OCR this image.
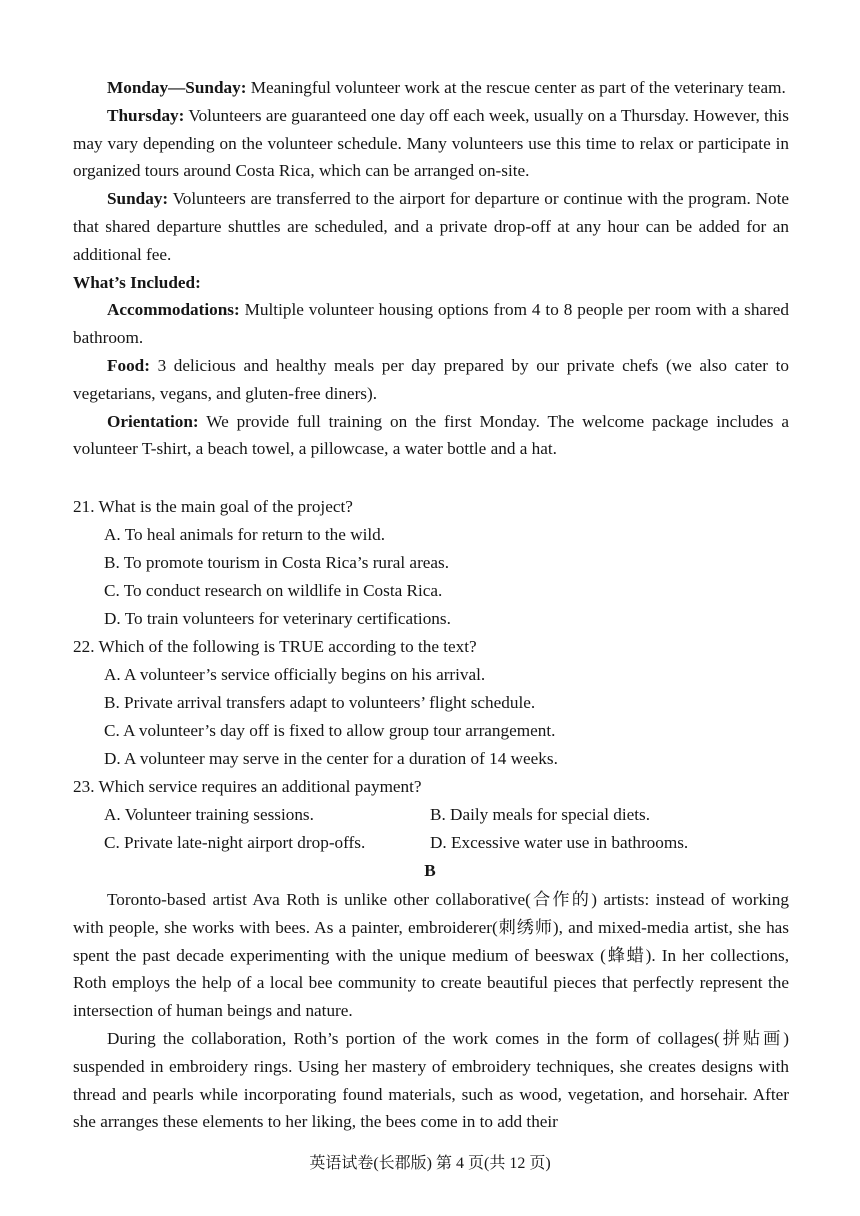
Monday—Sunday: Meaningful volunteer work at the rescue center as part of the veterinary team.

Thursday: Volunteers are guaranteed one day off each week, usually on a Thursday. However, this may vary depending on the volunteer schedule. Many volunteers use this time to relax or participate in organized tours around Costa Rica, which can be arranged on-site.

Sunday: Volunteers are transferred to the airport for departure or continue with the program. Note that shared departure shuttles are scheduled, and a private drop-off at any hour can be added for an additional fee.

What’s Included:

Accommodations: Multiple volunteer housing options from 4 to 8 people per room with a shared bathroom.

Food: 3 delicious and healthy meals per day prepared by our private chefs (we also cater to vegetarians, vegans, and gluten-free diners).

Orientation: We provide full training on the first Monday. The welcome package includes a volunteer T-shirt, a beach towel, a pillowcase, a water bottle and a hat.

21. What is the main goal of the project?

A. To heal animals for return to the wild.

B. To promote tourism in Costa Rica’s rural areas.

C. To conduct research on wildlife in Costa Rica.

D. To train volunteers for veterinary certifications.

22. Which of the following is TRUE according to the text?

A. A volunteer’s service officially begins on his arrival.

B. Private arrival transfers adapt to volunteers’ flight schedule.

C. A volunteer’s day off is fixed to allow group tour arrangement.

D. A volunteer may serve in the center for a duration of 14 weeks.

23. Which service requires an additional payment?

A. Volunteer training sessions.	B. Daily meals for special diets.

C. Private late-night airport drop-offs.	D. Excessive water use in bathrooms.

B

Toronto-based artist Ava Roth is unlike other collaborative(合作的) artists: instead of working with people, she works with bees. As a painter, embroiderer(刺绣师), and mixed-media artist, she has spent the past decade experimenting with the unique medium of beeswax (蜂蜡). In her collections, Roth employs the help of a local bee community to create beautiful pieces that perfectly represent the intersection of human beings and nature.

During the collaboration, Roth’s portion of the work comes in the form of collages(拼贴画) suspended in embroidery rings. Using her mastery of embroidery techniques, she creates designs with thread and pearls while incorporating found materials, such as wood, vegetation, and horsehair. After she arranges these elements to her liking, the bees come in to add their

英语试卷(长郡版) 第 4 页(共 12 页)
